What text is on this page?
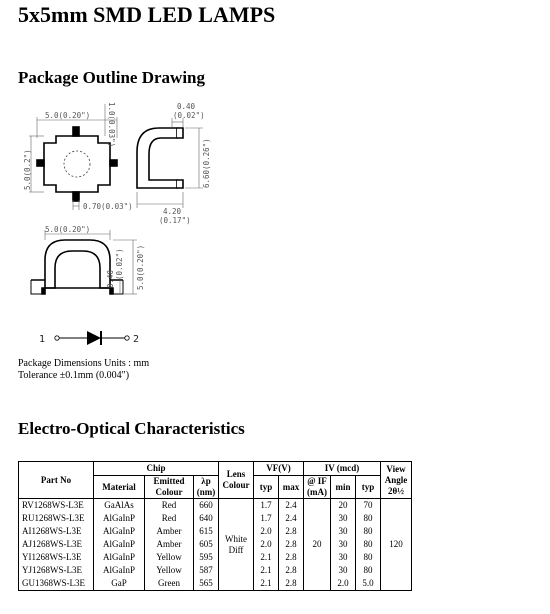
5x5mm SMD LED LAMPS
Package Outline Drawing
5.0(0.20")
5.0(0.2")
1.0(0.03")
0.70(0.03")
0.40
(0.02")
6.60(0.26")
4.20
(0.17")
5.0(0.20")
0.40 (0.02") 5.0(0.20")
1	2
Package Dimensions Units : mm
Tolerance ±0.1mm (0.004")
Electro-Optical Characteristics
Part No	Chip			Lens Colour	VF(V)		IV (mcd)			View Angle 2θ½
	Material	Emitted Colour	λp (nm)		typ	max	@ IF (mA)	min	typ	
RV1268WS-L3E	GaAlAs	Red	660	White Diff	1.7	2.4	20	20	70	120
RU1268WS-L3E	AlGaInP	Red	640		1.7	2.4		30	80	
AI1268WS-L3E	AlGaInP	Amber	615		2.0	2.8		30	80	
AJ1268WS-L3E	AlGaInP	Amber	605		2.0	2.8		30	80	
YI1268WS-L3E	AlGaInP	Yellow	595		2.1	2.8		30	80	
YJ1268WS-L3E	AlGaInP	Yellow	587		2.1	2.8		30	80	
GU1368WS-L3E	GaP	Green	565		2.1	2.8		2.0	5.0	
